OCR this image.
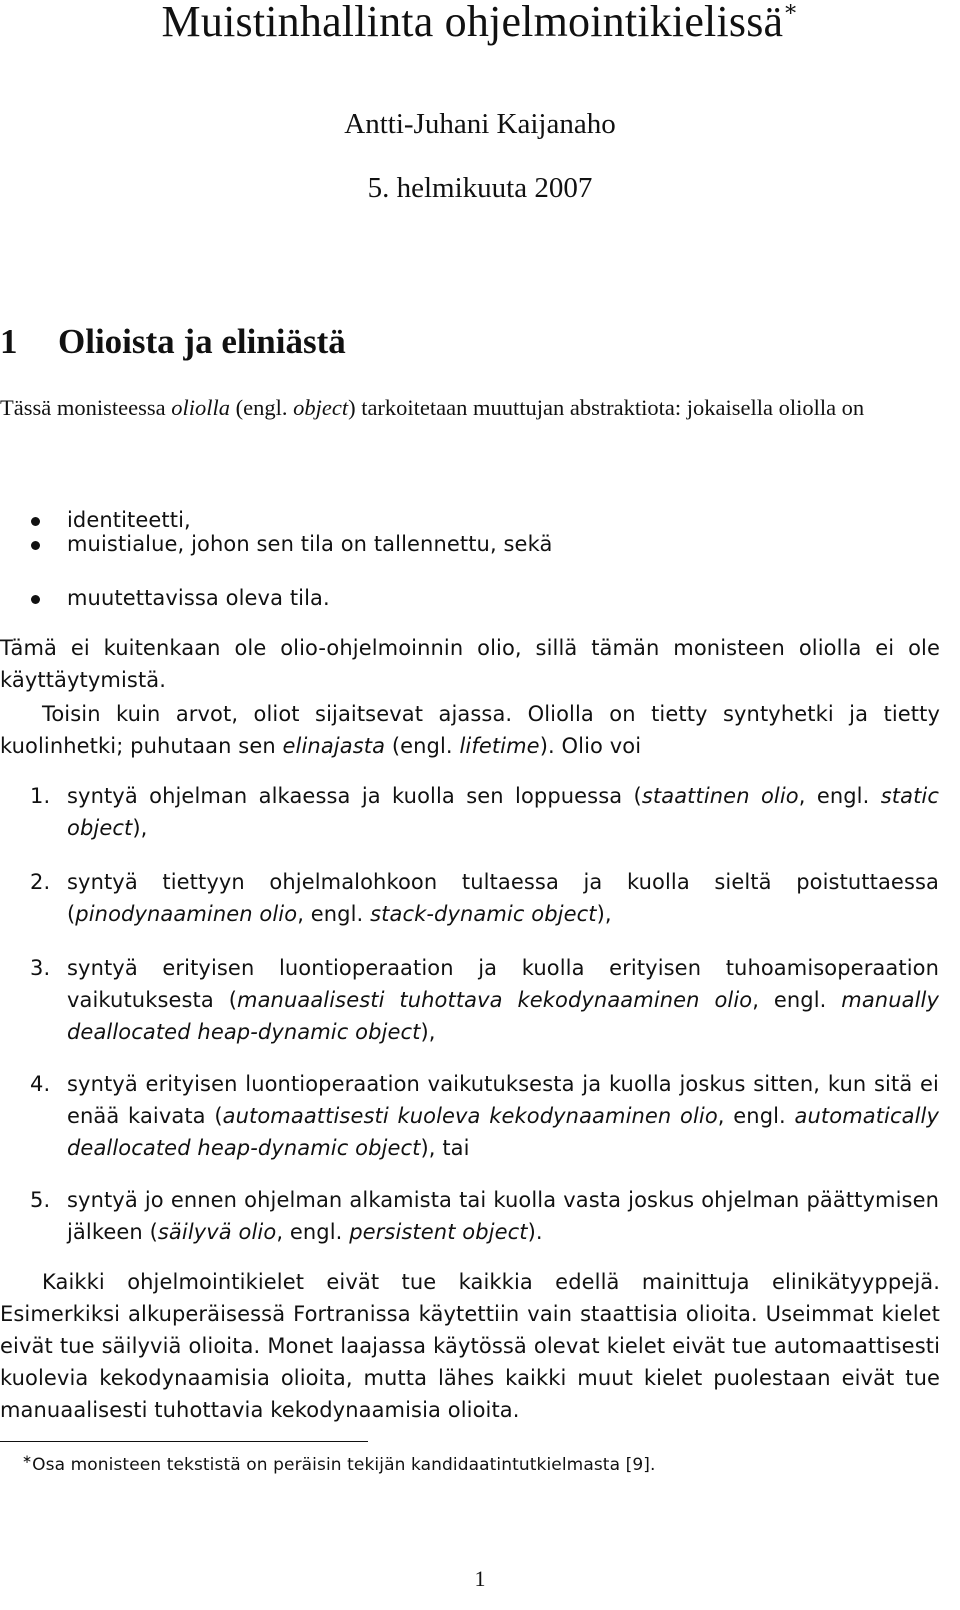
Muistinhallinta ohjelmointikielissä∗
Antti-Juhani Kaijanaho
5. helmikuuta 2007
1 Olioista ja eliniästä
Tässä monisteessa oliolla (engl. object) tarkoitetaan muuttujan abstraktiota: jokaisella oliolla on
identiteetti,
muistialue, johon sen tila on tallennettu, sekä
muutettavissa oleva tila.
Tämä ei kuitenkaan ole olio-ohjelmoinnin olio, sillä tämän monisteen oliolla ei ole käyttäytymistä.
Toisin kuin arvot, oliot sijaitsevat ajassa. Oliolla on tietty syntyhetki ja tietty kuolinhetki; puhutaan sen elinajasta (engl. lifetime). Olio voi
1. syntyä ohjelman alkaessa ja kuolla sen loppuessa (staattinen olio, engl. static object),
2. syntyä tiettyyn ohjelmalohkoon tultaessa ja kuolla sieltä poistuttaessa (pinodynaaminen olio, engl. stack-dynamic object),
3. syntyä erityisen luontioperaation ja kuolla erityisen tuhoamisoperaation vaikutuksesta (manuaalisesti tuhottava kekodynaaminen olio, engl. manually deallocated heap-dynamic object),
4. syntyä erityisen luontioperaation vaikutuksesta ja kuolla joskus sitten, kun sitä ei enää kaivata (automaattisesti kuoleva kekodynaaminen olio, engl. automatically deallocated heap-dynamic object), tai
5. syntyä jo ennen ohjelman alkamista tai kuolla vasta joskus ohjelman päättymisen jälkeen (säilyvä olio, engl. persistent object).
Kaikki ohjelmointikielet eivät tue kaikkia edellä mainittuja elinikätyyppejä. Esimerkiksi alkuperäisessä Fortranissa käytettiin vain staattisia olioita. Useimmat kielet eivät tue säilyviä olioita. Monet laajassa käytössä olevat kielet eivät tue automaattisesti kuolevia kekodynaamisia olioita, mutta lähes kaikki muut kielet puolestaan eivät tue manuaalisesti tuhottavia kekodynaamisia olioita.
∗Osa monisteen tekstistä on peräisin tekijän kandidaatintutkielmasta [9].
1
